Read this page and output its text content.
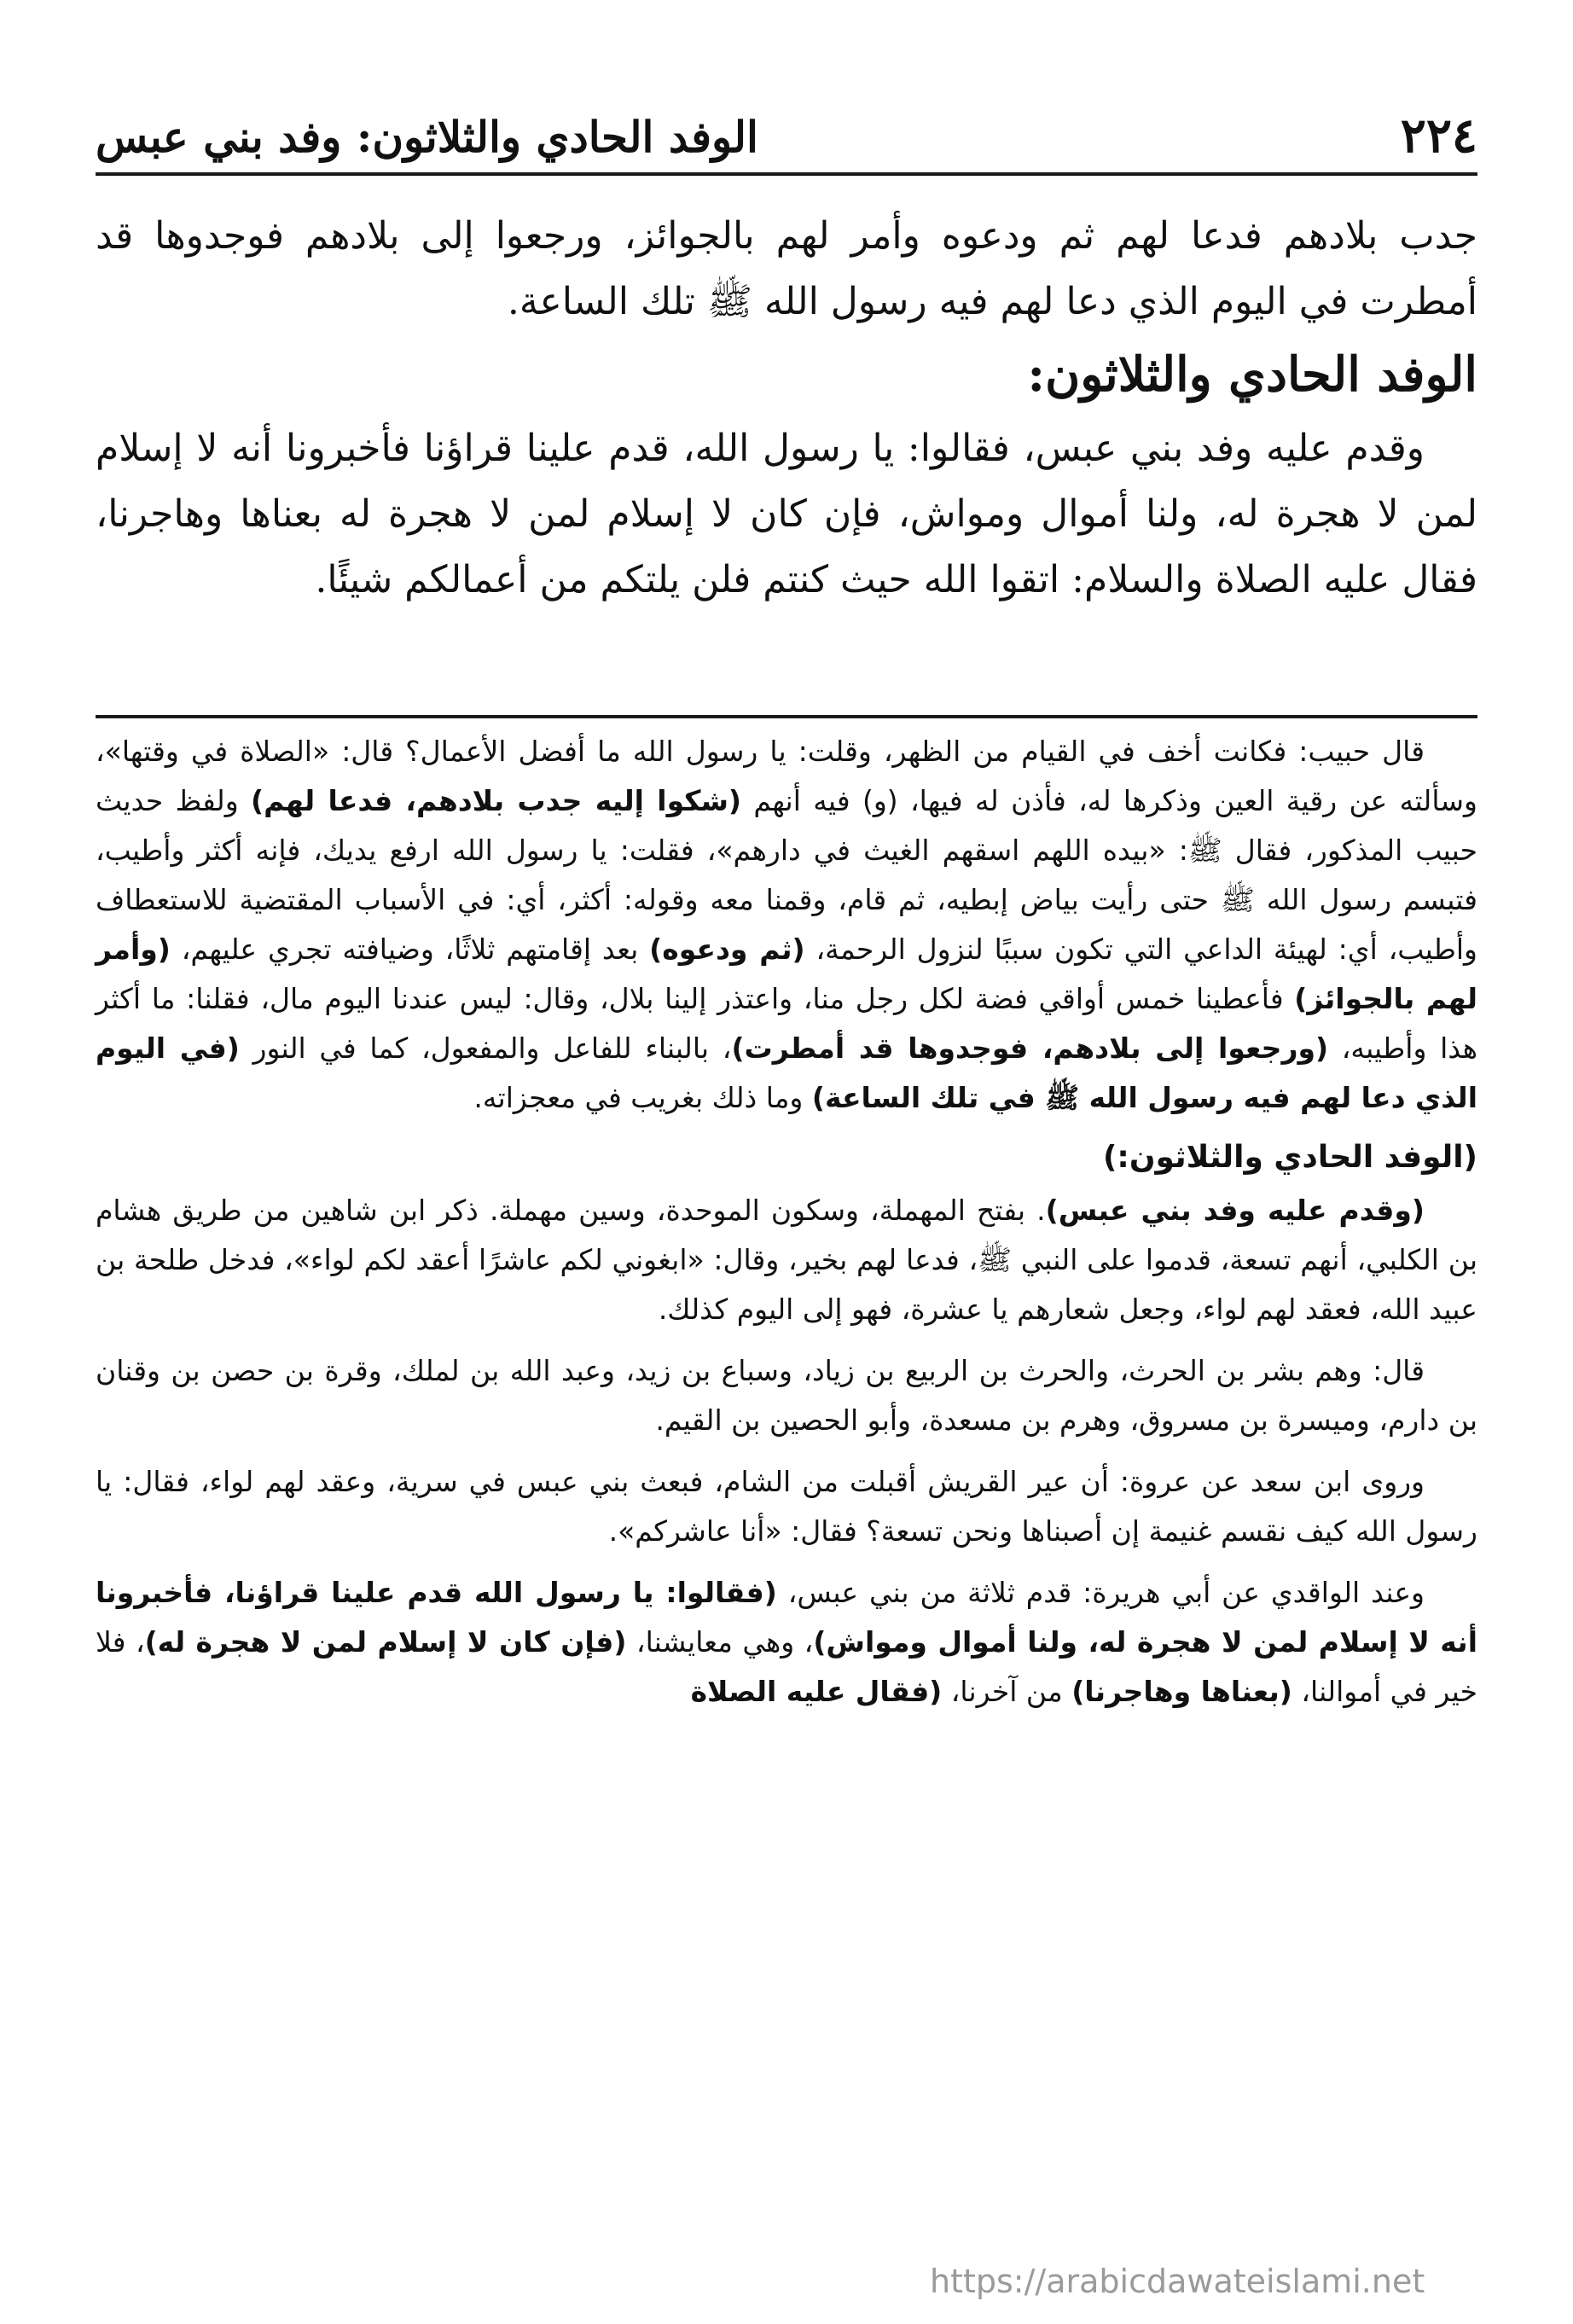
الوفد الحادي والثلاثون: وفد بني عبس	٢٢٤

جدب بلادهم فدعا لهم ثم ودعوه وأمر لهم بالجوائز، ورجعوا إلى بلادهم فوجدوها قد أمطرت في اليوم الذي دعا لهم فيه رسول الله ﷺ تلك الساعة.

الوفد الحادي والثلاثون:

وقدم عليه وفد بني عبس، فقالوا: يا رسول الله، قدم علينا قراؤنا فأخبرونا أنه لا إسلام لمن لا هجرة له، ولنا أموال ومواش، فإن كان لا إسلام لمن لا هجرة له بعناها وهاجرنا، فقال عليه الصلاة والسلام: اتقوا الله حيث كنتم فلن يلتكم من أعمالكم شيئًا.

قال حبيب: فكانت أخف في القيام من الظهر، وقلت: يا رسول الله ما أفضل الأعمال؟ قال: «الصلاة في وقتها»، وسألته عن رقية العين وذكرها له، فأذن له فيها، (و) فيه أنهم (شكوا إليه جدب بلادهم، فدعا لهم) ولفظ حديث حبيب المذكور، فقال ﷺ: «بيده اللهم اسقهم الغيث في دارهم»، فقلت: يا رسول الله ارفع يديك، فإنه أكثر وأطيب، فتبسم رسول الله ﷺ حتى رأيت بياض إبطيه، ثم قام، وقمنا معه وقوله: أكثر، أي: في الأسباب المقتضية للاستعطاف وأطيب، أي: لهيئة الداعي التي تكون سببًا لنزول الرحمة، (ثم ودعوه) بعد إقامتهم ثلاثًا، وضيافته تجري عليهم، (وأمر لهم بالجوائز) فأعطينا خمس أواقي فضة لكل رجل منا، واعتذر إلينا بلال، وقال: ليس عندنا اليوم مال، فقلنا: ما أكثر هذا وأطيبه، (ورجعوا إلى بلادهم، فوجدوها قد أمطرت)، بالبناء للفاعل والمفعول، كما في النور (في اليوم الذي دعا لهم فيه رسول الله ﷺ في تلك الساعة) وما ذلك بغريب في معجزاته.

(الوفد الحادي والثلاثون:)

(وقدم عليه وفد بني عبس). بفتح المهملة، وسكون الموحدة، وسين مهملة. ذكر ابن شاهين من طريق هشام بن الكلبي، أنهم تسعة، قدموا على النبي ﷺ، فدعا لهم بخير، وقال: «ابغوني لكم عاشرًا أعقد لكم لواء»، فدخل طلحة بن عبيد الله، فعقد لهم لواء، وجعل شعارهم يا عشرة، فهو إلى اليوم كذلك.

قال: وهم بشر بن الحرث، والحرث بن الربيع بن زياد، وسباع بن زيد، وعبد الله بن لملك، وقرة بن حصن بن وقنان بن دارم، وميسرة بن مسروق، وهرم بن مسعدة، وأبو الحصين بن القيم.

وروى ابن سعد عن عروة: أن عير القريش أقبلت من الشام، فبعث بني عبس في سرية، وعقد لهم لواء، فقال: يا رسول الله كيف نقسم غنيمة إن أصبناها ونحن تسعة؟ فقال: «أنا عاشركم».

وعند الواقدي عن أبي هريرة: قدم ثلاثة من بني عبس، (فقالوا: يا رسول الله قدم علينا قراؤنا، فأخبرونا أنه لا إسلام لمن لا هجرة له، ولنا أموال ومواش)، وهي معايشنا، (فإن كان لا إسلام لمن لا هجرة له)، فلا خير في أموالنا، (بعناها وهاجرنا) من آخرنا، (فقال عليه الصلاة

https://arabicdawateislami.net
